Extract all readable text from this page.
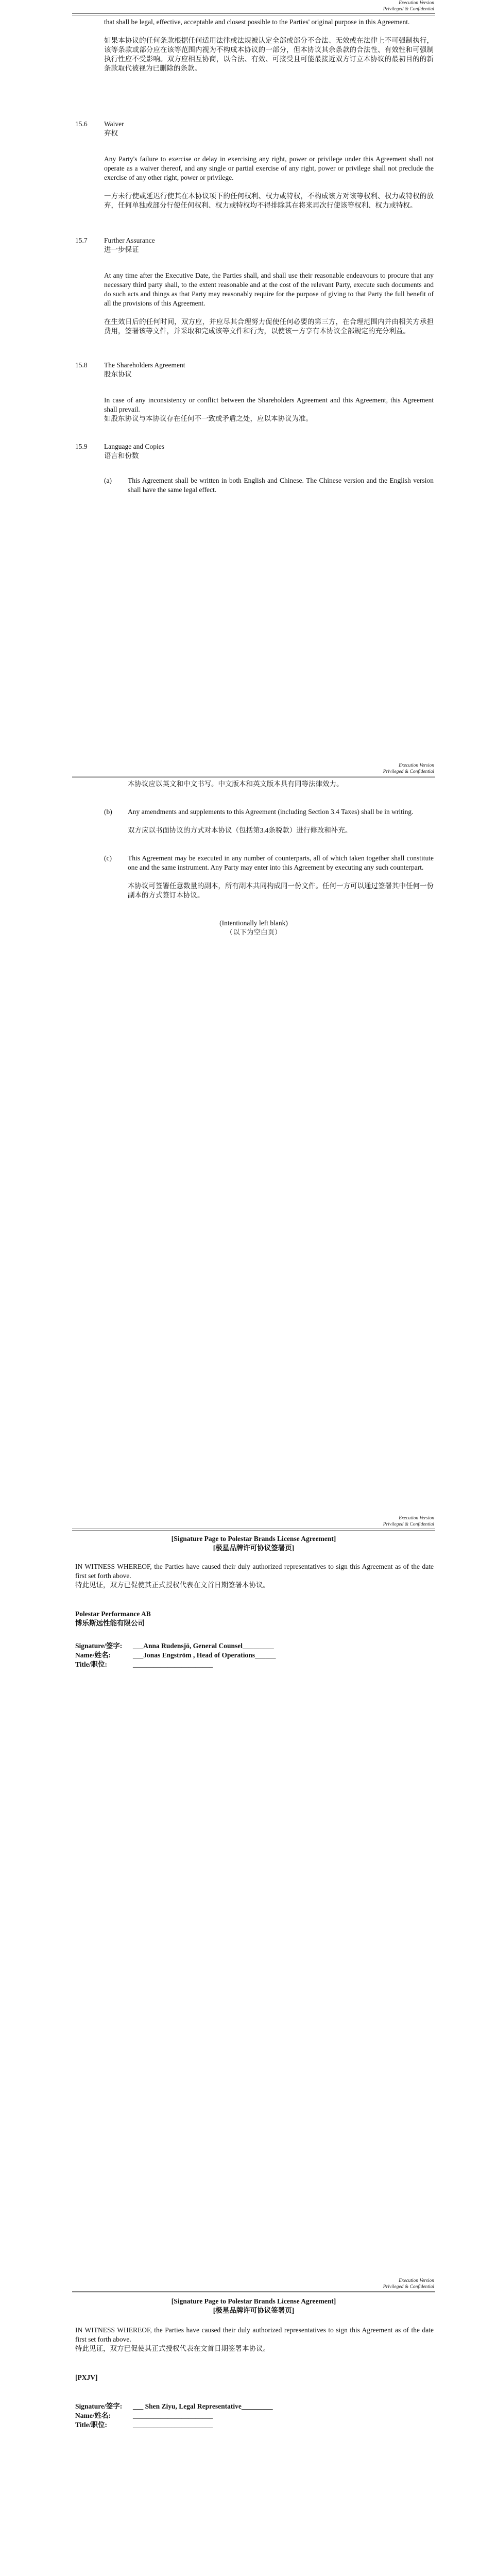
Execution Version
Privileged & Confidential
that shall be legal, effective, acceptable and closest possible to the Parties' original purpose in this Agreement.
如果本协议的任何条款根据任何适用法律或法规被认定全部或部分不合法、无效或在法律上不可强制执行，该等条款或部分应在该等范围内视为不构成本协议的一部分，但本协议其余条款的合法性、有效性和可强制执行性应不受影响。双方应相互协商，以合法、有效、可接受且可能最接近双方订立本协议的最初目的的新条款取代被视为已删除的条款。
15.6 Waiver
弃权
Any Party's failure to exercise or delay in exercising any right, power or privilege under this Agreement shall not operate as a waiver thereof, and any single or partial exercise of any right, power or privilege shall not preclude the exercise of any other right, power or privilege.
一方未行使或延迟行使其在本协议项下的任何权利、权力或特权，不构成该方对该等权利、权力或特权的放弃，任何单独或部分行使任何权利、权力或特权均不得排除其在将来再次行使该等权利、权力或特权。
15.7 Further Assurance
进一步保证
At any time after the Executive Date, the Parties shall, and shall use their reasonable endeavours to procure that any necessary third party shall, to the extent reasonable and at the cost of the relevant Party, execute such documents and do such acts and things as that Party may reasonably require for the purpose of giving to that Party the full benefit of all the provisions of this Agreement.
在生效日后的任何时间，双方应，并应尽其合理努力促使任何必要的第三方，在合理范围内并由相关方承担费用，签署该等文件，并采取和完成该等文件和行为，以使该一方享有本协议全部规定的充分利益。
15.8 The Shareholders Agreement
股东协议
In case of any inconsistency or conflict between the Shareholders Agreement and this Agreement, this Agreement shall prevail.
如股东协议与本协议存在任何不一致或矛盾之处，应以本协议为准。
15.9 Language and Copies
语言和份数
(a) This Agreement shall be written in both English and Chinese. The Chinese version and the English version shall have the same legal effect.
Execution Version
Privileged & Confidential
本协议应以英文和中文书写。中文版本和英文版本具有同等法律效力。
(b) Any amendments and supplements to this Agreement (including Section 3.4 Taxes) shall be in writing.
双方应以书面协议的方式对本协议（包括第3.4条税款）进行修改和补充。
(c) This Agreement may be executed in any number of counterparts, all of which taken together shall constitute one and the same instrument. Any Party may enter into this Agreement by executing any such counterpart.
本协议可签署任意数量的副本，所有副本共同构成同一份文件。任何一方可以通过签署其中任何一份副本的方式签订本协议。
(Intentionally left blank)
（以下为空白页）
Execution Version
Privileged & Confidential
[Signature Page to Polestar Brands License Agreement]
[极星品牌许可协议签署页]
IN WITNESS WHEREOF, the Parties have caused their duly authorized representatives to sign this Agreement as of the date first set forth above.
特此见证，双方已促使其正式授权代表在文首日期签署本协议。
Polestar Performance AB
博乐斯远性能有限公司
Signature/签字: ___Anna Rudensjö, General Counsel_________
Name/姓名:	___Jonas Engström , Head of Operations______
Title/职位:	_______________________
Execution Version
Privileged & Confidential
[Signature Page to Polestar Brands License Agreement]
[极星品牌许可协议签署页]
IN WITNESS WHEREOF, the Parties have caused their duly authorized representatives to sign this Agreement as of the date first set forth above.
特此见证，双方已促使其正式授权代表在文首日期签署本协议。
[PXJV]
Signature/签字: ___ Shen Ziyu, Legal Representative_________
Name/姓名:	_______________________
Title/职位:	_______________________
